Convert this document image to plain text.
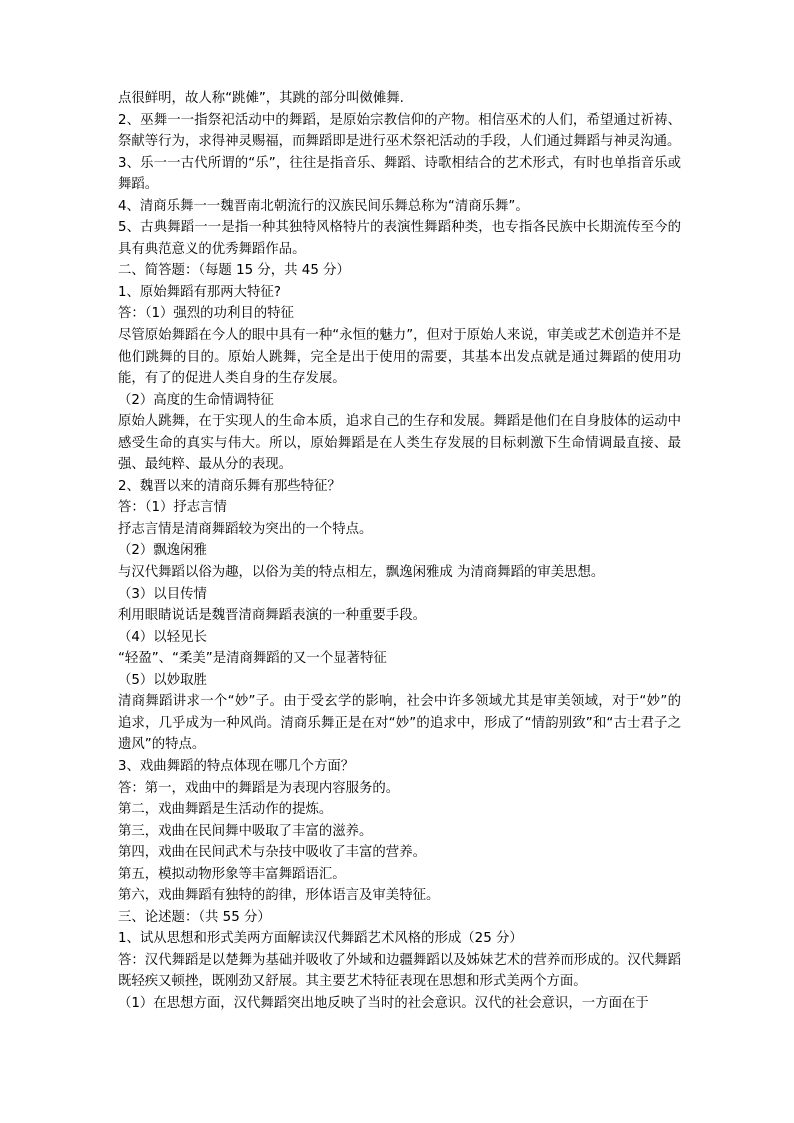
点很鲜明，故人称“跳傩”，其跳的部分叫傚傩舞.

2、巫舞一一指祭祀活动中的舞蹈，是原始宗教信仰的产物。相信巫术的人们，希望通过祈祷、祭献等行为，求得神灵赐福，而舞蹈即是进行巫术祭祀活动的手段，人们通过舞蹈与神灵沟通。

3、乐一一古代所谓的“乐”，往往是指音乐、舞蹈、诗歌相结合的艺术形式，有时也单指音乐或舞蹈。

4、清商乐舞一一魏晋南北朝流行的汉族民间乐舞总称为“清商乐舞”。

5、古典舞蹈一一是指一种其独特风格特片的表演性舞蹈种类，也专指各民族中长期流传至今的具有典范意义的优秀舞蹈作品。

二、简答题：（每题 15 分，共 45 分）

1、原始舞蹈有那两大特征?

答：（1）强烈的功利目的特征

尽管原始舞蹈在今人的眼中具有一种“永恒的魅力”，但对于原始人来说，审美或艺术创造并不是他们跳舞的目的。原始人跳舞，完全是出于使用的需要，其基本出发点就是通过舞蹈的使用功能，有了的促进人类自身的生存发展。

（2）高度的生命情调特征

原始人跳舞，在于实现人的生命本质，追求自己的生存和发展。舞蹈是他们在自身肢体的运动中感受生命的真实与伟大。所以，原始舞蹈是在人类生存发展的目标刺激下生命情调最直接、最强、最纯粹、最从分的表现。

2、魏晋以来的清商乐舞有那些特征？

答：（1）抒志言情

抒志言情是清商舞蹈较为突出的一个特点。

（2）飘逸闲雅

与汉代舞蹈以俗为趣，以俗为美的特点相左，飘逸闲雅成 为清商舞蹈的审美思想。

（3）以目传情

利用眼睛说话是魏晋清商舞蹈表演的一种重要手段。

（4）以轻见长

“轻盈”、“柔美”是清商舞蹈的又一个显著特征

（5）以妙取胜

清商舞蹈讲求一个“妙”子。由于受玄学的影响，社会中许多领域尤其是审美领域，对于“妙”的追求，几乎成为一种风尚。清商乐舞正是在对“妙”的追求中，形成了“情韵别致”和“古士君子之遗风”的特点。

3、戏曲舞蹈的特点体现在哪几个方面？

答：第一，戏曲中的舞蹈是为表现内容服务的。

第二，戏曲舞蹈是生活动作的提炼。

第三，戏曲在民间舞中吸取了丰富的滋养。

第四，戏曲在民间武术与杂技中吸收了丰富的营养。

第五，模拟动物形象等丰富舞蹈语汇。

第六，戏曲舞蹈有独特的韵律，形体语言及审美特征。

三、论述题：（共 55 分）

1、试从思想和形式美两方面解读汉代舞蹈艺术风格的形成（25 分）

答：汉代舞蹈是以楚舞为基础并吸收了外域和边疆舞蹈以及姊妹艺术的营养而形成的。汉代舞蹈既轻疾又顿挫，既刚劲又舒展。其主要艺术特征表现在思想和形式美两个方面。

（1）在思想方面，汉代舞蹈突出地反映了当时的社会意识。汉代的社会意识，一方面在于
